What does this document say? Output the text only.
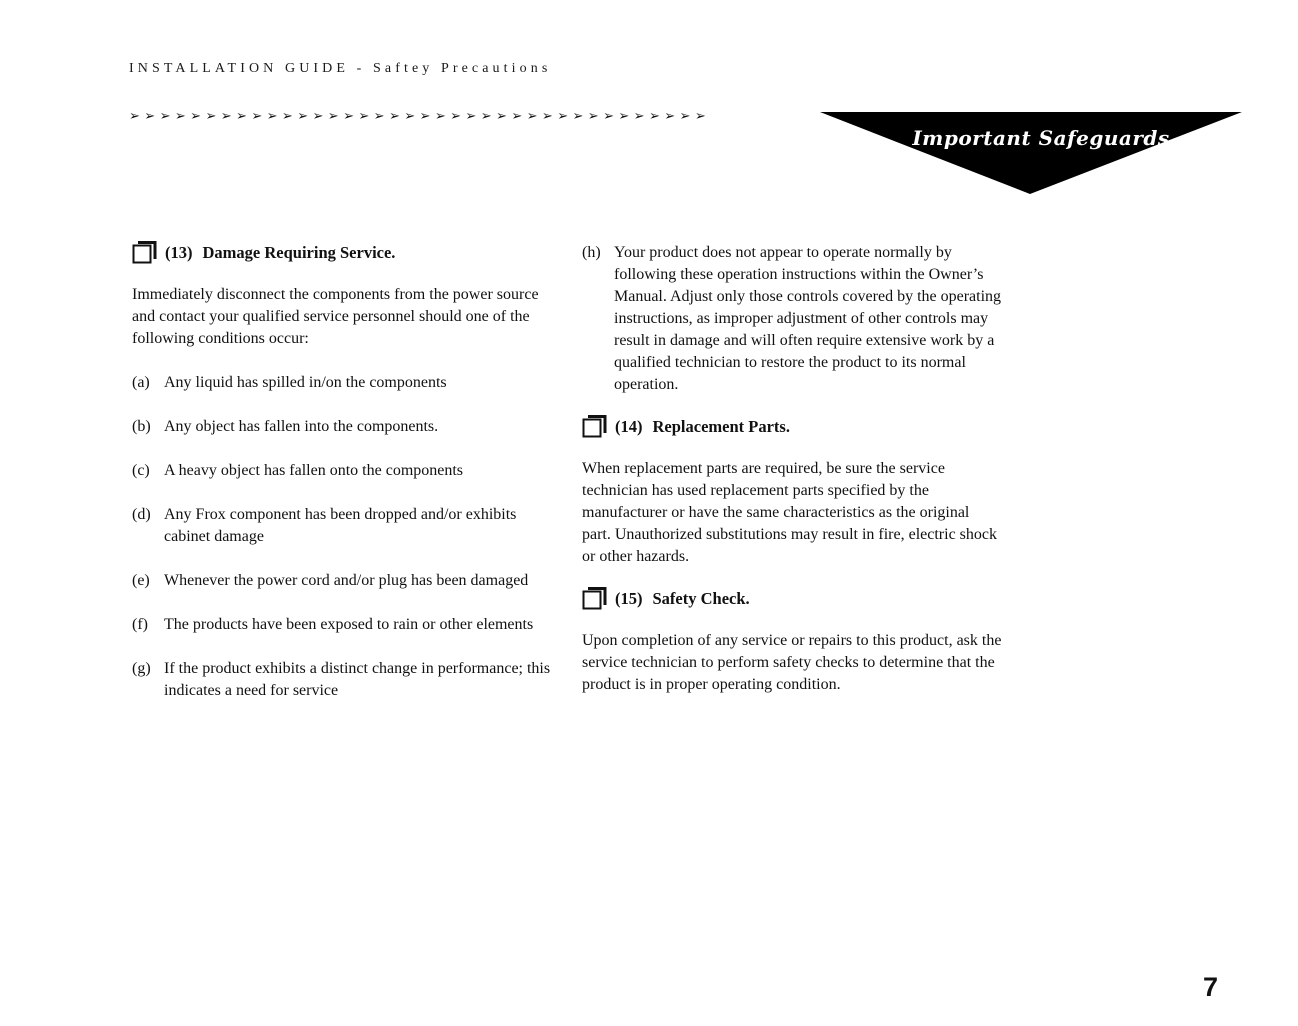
INSTALLATION GUIDE - Saftey Precautions
➢➢➢➢➢➢➢➢➢➢➢➢➢➢➢➢➢➢➢➢➢➢➢➢➢➢➢➢➢➢➢➢➢➢➢➢➢➢
Important Safeguards
(13) Damage Requiring Service.

Immediately disconnect the components from the power source and contact your qualified service personnel should one of the following conditions occur:

(a) Any liquid has spilled in/on the components
(b) Any object has fallen into the components.
(c) A heavy object has fallen onto the components
(d) Any Frox component has been dropped and/or exhibits cabinet damage
(e) Whenever the power cord and/or plug has been damaged
(f)	The products have been exposed to rain or other elements
(g) If the product exhibits a distinct change in performance; this indicates a need for service
(h) Your product does not appear to operate normally by following these operation instructions within the Owner’s Manual. Adjust only those controls covered by the operating instructions, as improper adjustment of other controls may result in damage and will often require extensive work by a qualified technician to restore the product to its normal operation.
(14) Replacement Parts.

When replacement parts are required, be sure the service technician has used replacement parts specified by the manufacturer or have the same characteristics as the original part. Unauthorized substitutions may result in fire, electric shock or other hazards.

(15) Safety Check.

Upon completion of any service or repairs to this product, ask the service technician to perform safety checks to determine that the product is in proper operating condition.

7
